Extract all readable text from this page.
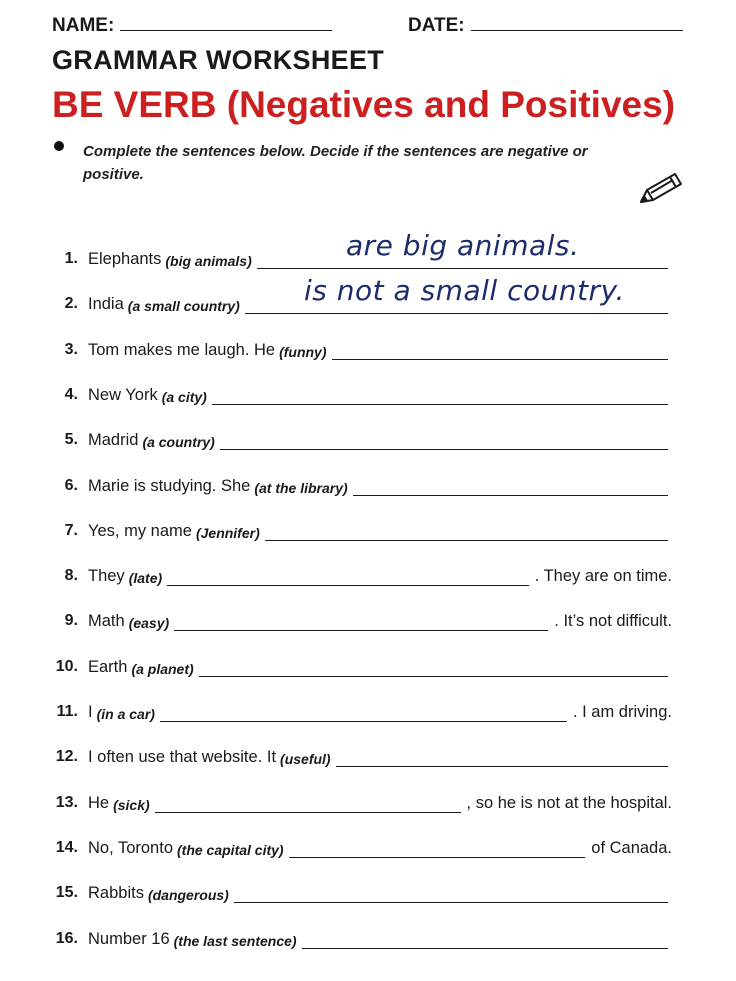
NAME:	DATE:
GRAMMAR WORKSHEET
BE VERB (Negatives and Positives)
Complete the sentences below. Decide if the sentences are negative or positive.
1. Elephants (big animals)	are big animals.
2. India (a small country) is not a small country.
3. Tom makes me laugh. He (funny)
4. New York (a city)
5. Madrid (a country)
6. Marie is studying. She (at the library)
7. Yes, my name (Jennifer)
8. They (late)	. They are on time.
9. Math (easy)	. It’s not difficult.
10. Earth (a planet)
11. I (in a car)	. I am driving.
12. I often use that website. It (useful)
13. He (sick)	, so he is not at the hospital.
14. No, Toronto (the capital city)	of Canada.
15. Rabbits (dangerous)
16. Number 16 (the last sentence)
